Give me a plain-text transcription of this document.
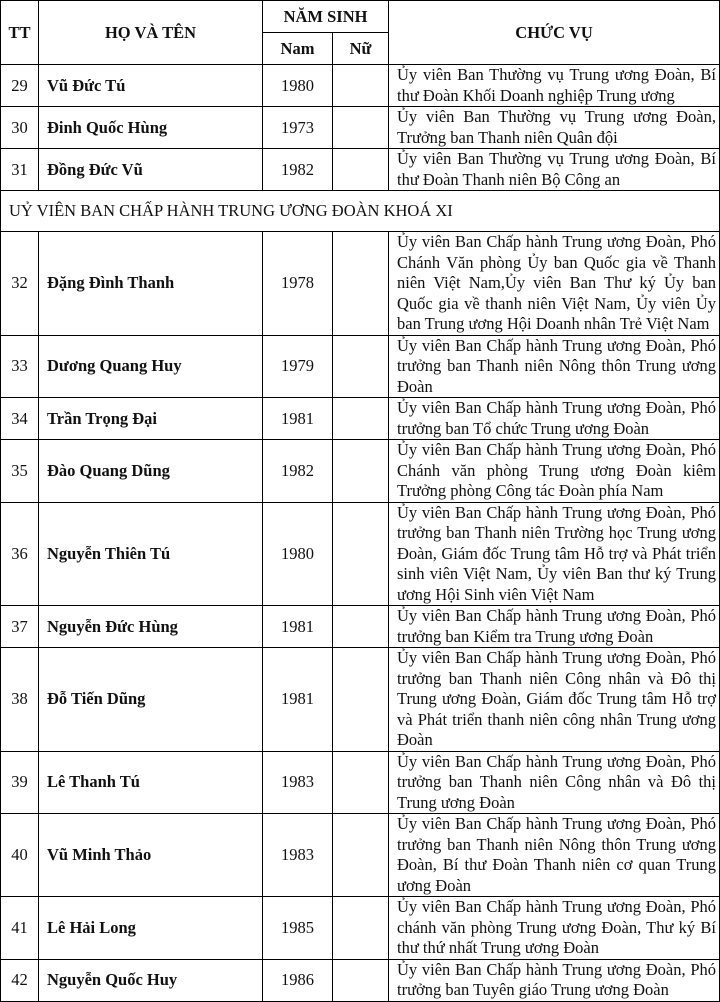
TT	HỌ VÀ TÊN	NĂM SINH		CHỨC VỤ
		Nam	Nữ	
29	Vũ Đức Tú	1980		Ủy viên Ban Thường vụ Trung ương Đoàn, Bí thư Đoàn Khối Doanh nghiệp Trung ương
30	Đinh Quốc Hùng	1973		Ủy viên Ban Thường vụ Trung ương Đoàn, Trưởng ban Thanh niên Quân đội
31	Đồng Đức Vũ	1982		Ủy viên Ban Thường vụ Trung ương Đoàn, Bí thư Đoàn Thanh niên Bộ Công an
UỶ VIÊN BAN CHẤP HÀNH TRUNG ƯƠNG ĐOÀN KHOÁ XI				
32	Đặng Đình Thanh	1978		Ủy viên Ban Chấp hành Trung ương Đoàn, Phó Chánh Văn phòng Ủy ban Quốc gia về Thanh niên Việt Nam,Ủy viên Ban Thư ký Ủy ban Quốc gia về thanh niên Việt Nam, Ủy viên Ủy ban Trung ương Hội Doanh nhân Trẻ Việt Nam
33	Dương Quang Huy	1979		Ủy viên Ban Chấp hành Trung ương Đoàn, Phó trưởng ban Thanh niên Nông thôn Trung ương Đoàn
34	Trần Trọng Đại	1981		Ủy viên Ban Chấp hành Trung ương Đoàn, Phó trưởng ban Tổ chức Trung ương Đoàn
35	Đào Quang Dũng	1982		Ủy viên Ban Chấp hành Trung ương Đoàn, Phó Chánh văn phòng Trung ương Đoàn kiêm Trưởng phòng Công tác Đoàn phía Nam
36	Nguyễn Thiên Tú	1980		Ủy viên Ban Chấp hành Trung ương Đoàn, Phó trưởng ban Thanh niên Trường học Trung ương Đoàn, Giám đốc Trung tâm Hỗ trợ và Phát triển sinh viên Việt Nam, Ủy viên Ban thư ký Trung ương Hội Sinh viên Việt Nam
37	Nguyễn Đức Hùng	1981		Ủy viên Ban Chấp hành Trung ương Đoàn, Phó trưởng ban Kiểm tra Trung ương Đoàn
38	Đỗ Tiến Dũng	1981		Ủy viên Ban Chấp hành Trung ương Đoàn, Phó trưởng ban Thanh niên Công nhân và Đô thị Trung ương Đoàn, Giám đốc Trung tâm Hỗ trợ và Phát triển thanh niên công nhân Trung ương Đoàn
39	Lê Thanh Tú	1983		Ủy viên Ban Chấp hành Trung ương Đoàn, Phó trưởng ban Thanh niên Công nhân và Đô thị Trung ương Đoàn
40	Vũ Minh Thảo	1983		Ủy viên Ban Chấp hành Trung ương Đoàn, Phó trưởng ban Thanh niên Nông thôn Trung ương Đoàn, Bí thư Đoàn Thanh niên cơ quan Trung ương Đoàn
41	Lê Hải Long	1985		Ủy viên Ban Chấp hành Trung ương Đoàn, Phó chánh văn phòng Trung ương Đoàn, Thư ký Bí thư thứ nhất Trung ương Đoàn
42	Nguyễn Quốc Huy	1986		Ủy viên Ban Chấp hành Trung ương Đoàn, Phó trưởng ban Tuyên giáo Trung ương Đoàn
